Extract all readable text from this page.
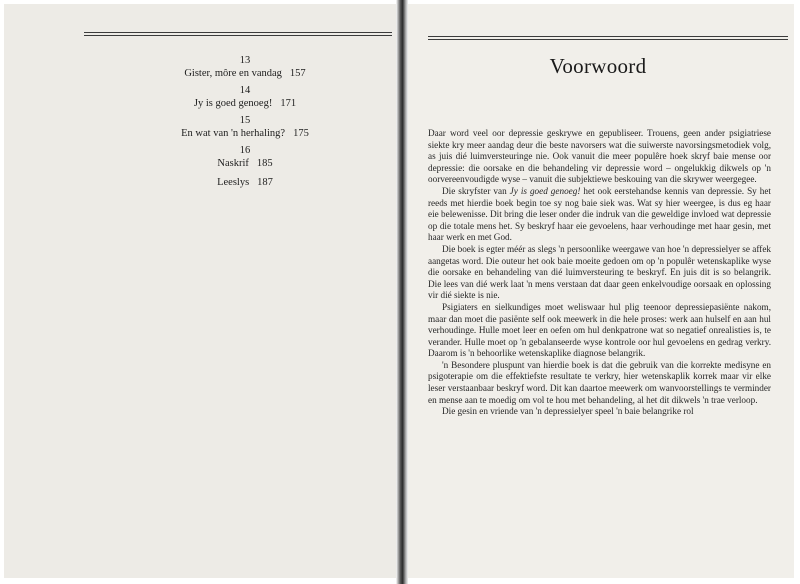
13
Gister, môre en vandag 157
14
Jy is goed genoeg! 171
15
En wat van 'n herhaling? 175
16
Naskrif 185
Leeslys 187
Voorwoord

Daar word veel oor depressie geskrywe en gepubliseer. Trouens, geen ander psigiatriese siekte kry meer aandag deur die beste navorsers wat die suiwerste navorsingsmetodiek volg, as juis dié luimversteuringe nie. Ook vanuit die meer populêre hoek skryf baie mense oor depressie: die oorsake en die behandeling vir depressie word – ongelukkig dikwels op 'n oorvereenvoudigde wyse – vanuit die subjektiewe beskouing van die skrywer weergegee.

Die skryfster van Jy is goed genoeg! het ook eerstehandse kennis van depressie. Sy het reeds met hierdie boek begin toe sy nog baie siek was. Wat sy hier weergee, is dus eg haar eie belewenisse. Dit bring die leser onder die indruk van die geweldige invloed wat depressie op die totale mens het. Sy beskryf haar eie gevoelens, haar verhoudinge met haar gesin, met haar werk en met God.

Die boek is egter méér as slegs 'n persoonlike weergawe van hoe 'n depressielyer se affek aangetas word. Die outeur het ook baie moeite gedoen om op 'n populêr wetenskaplike wyse die oorsake en behandeling van dié luimversteuring te beskryf. En juis dit is so belangrik. Die lees van dié werk laat 'n mens verstaan dat daar geen enkelvoudige oorsaak en oplossing vir dié siekte is nie.

Psigiaters en sielkundiges moet weliswaar hul plig teenoor depressiepasiënte nakom, maar dan moet die pasiënte self ook meewerk in die hele proses: werk aan hulself en aan hul verhoudinge. Hulle moet leer en oefen om hul denkpatrone wat so negatief onrealisties is, te verander. Hulle moet op 'n gebalanseerde wyse kontrole oor hul gevoelens en gedrag verkry. Daarom is 'n behoorlike wetenskaplike diagnose belangrik.

'n Besondere pluspunt van hierdie boek is dat die gebruik van die korrekte medisyne en psigoterapie om die effektiefste resultate te verkry, hier wetenskaplik korrek maar vir elke leser verstaanbaar beskryf word. Dit kan daartoe meewerk om wanvoorstellings te verminder en mense aan te moedig om vol te hou met behandeling, al het dit dikwels 'n trae verloop.

Die gesin en vriende van 'n depressielyer speel 'n baie belangrike rol
